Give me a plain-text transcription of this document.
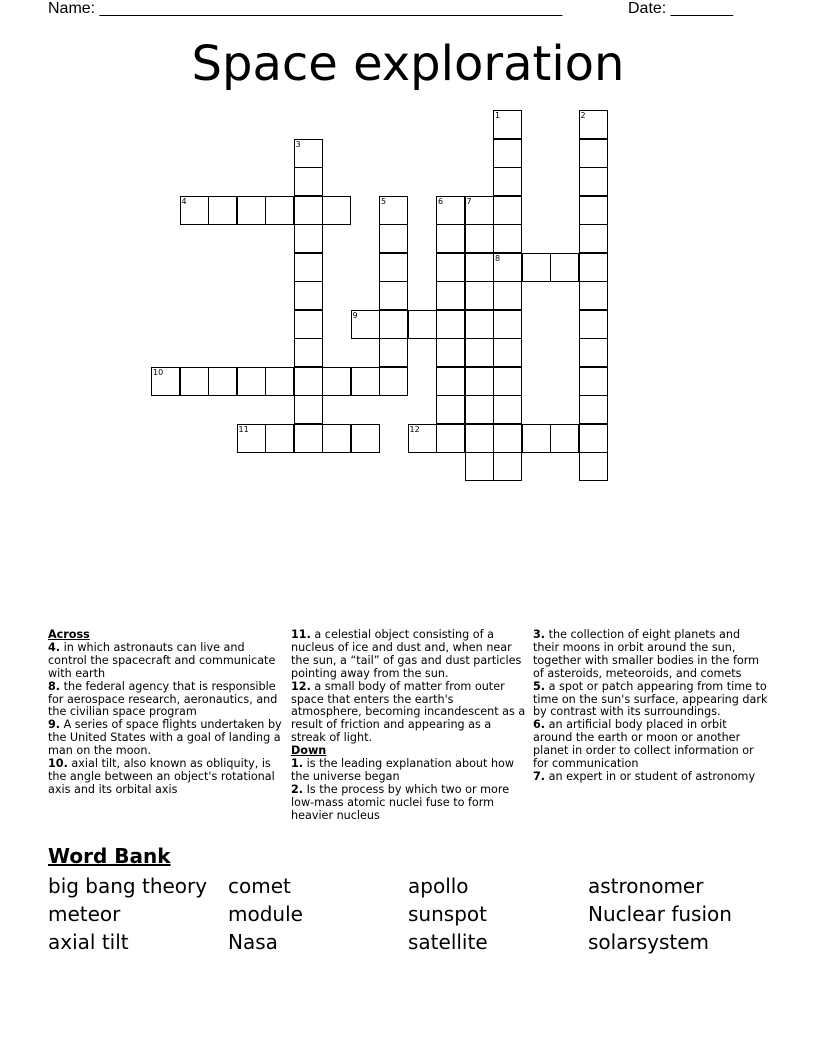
Name: ____________________________________________________	Date: _______
Space exploration
1
8
2
3
4	5	6	7
9
10
11	12
Across

4. in which astronauts can live and control the spacecraft and communicate with earth

8. the federal agency that is responsible for aerospace research, aeronautics, and the civilian space program

9. A series of space flights undertaken by the United States with a goal of landing a man on the moon.

10. axial tilt, also known as obliquity, is the angle between an object's rotational axis and its orbital axis

11. a celestial object consisting of a nucleus of ice and dust and, when near the sun, a “tail” of gas and dust particles pointing away from the sun.

12. a small body of matter from outer space that enters the earth's atmosphere, becoming incandescent as a result of friction and appearing as a streak of light.

Down

1. is the leading explanation about how the universe began

2. Is the process by which two or more low-mass atomic nuclei fuse to form heavier nucleus

3. the collection of eight planets and their moons in orbit around the sun, together with smaller bodies in the form of asteroids, meteoroids, and comets

5. a spot or patch appearing from time to time on the sun's surface, appearing dark by contrast with its surroundings.

6. an artificial body placed in orbit around the earth or moon or another planet in order to collect information or for communication

7. an expert in or student of astronomy

Word Bank
big bang theory	comet	apollo	astronomer
meteor	module	sunspot	Nuclear fusion
axial tilt	Nasa	satellite	solarsystem
